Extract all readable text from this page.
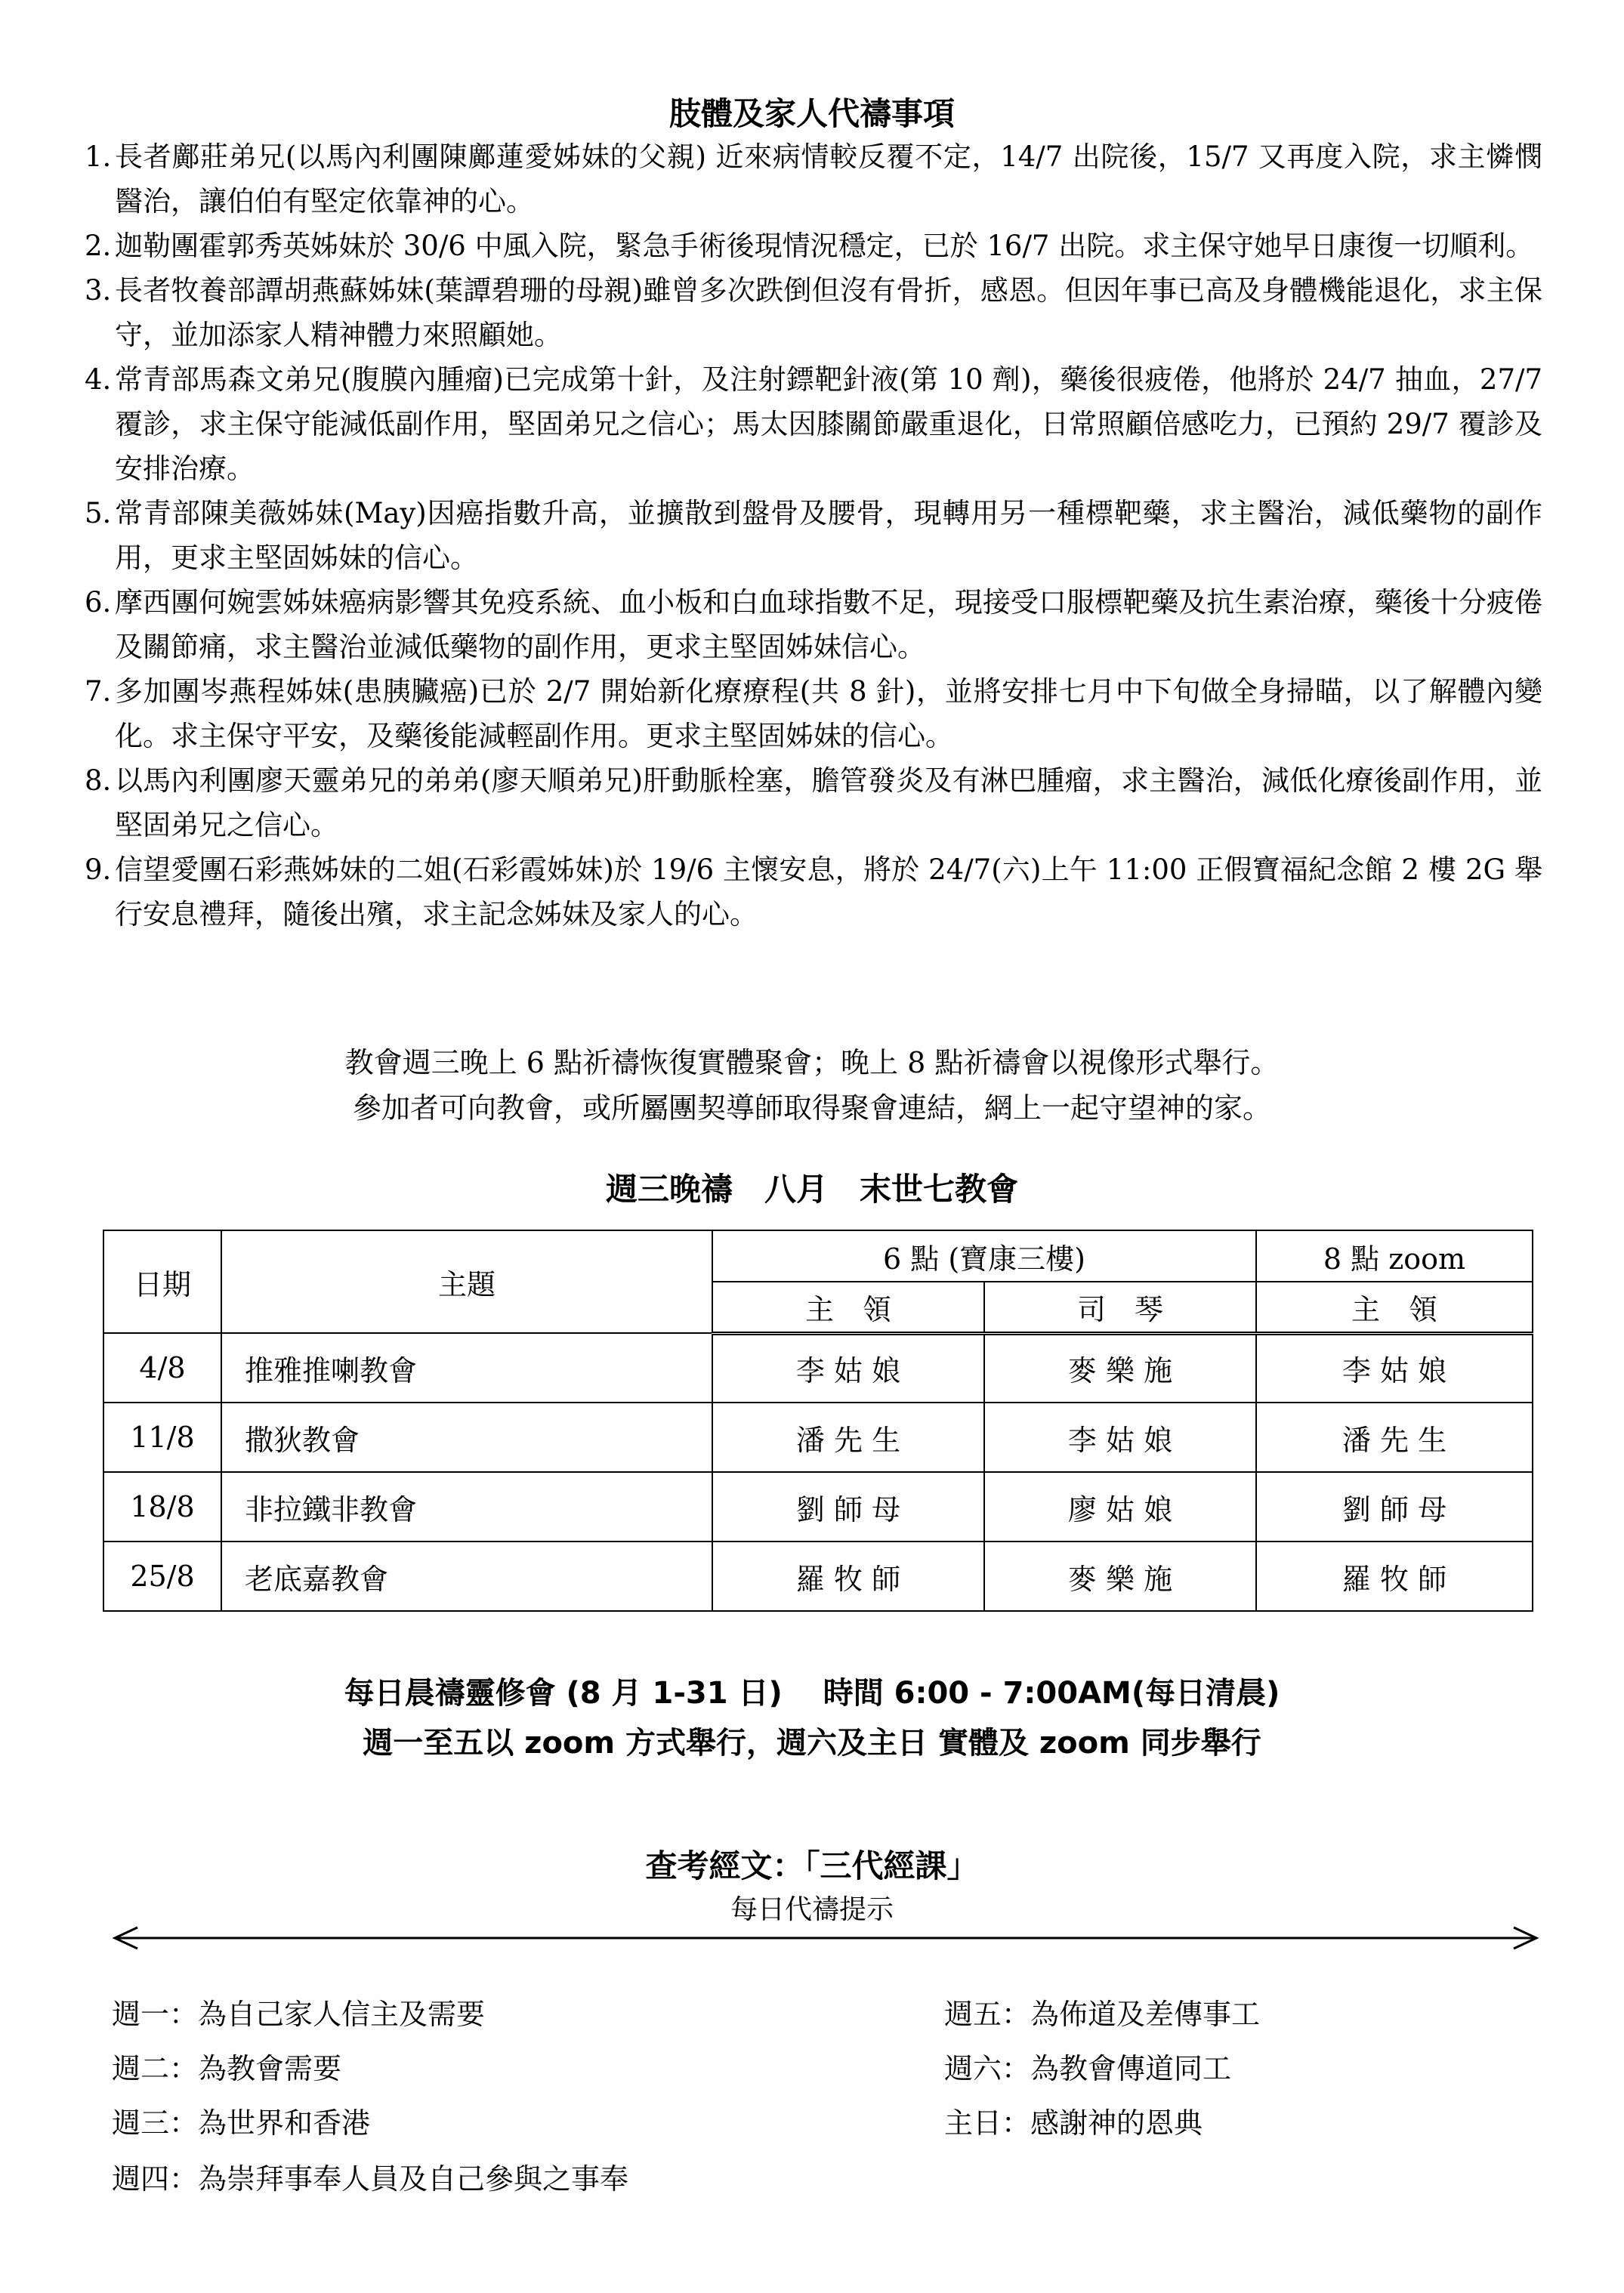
肢體及家人代禱事項
1. 長者鄺莊弟兄(以馬內利團陳鄺蓮愛姊妹的父親) 近來病情較反覆不定，14/7 出院後，15/7 又再度入院，求主憐憫醫治，讓伯伯有堅定依靠神的心。
2. 迦勒團霍郭秀英姊妹於 30/6 中風入院，緊急手術後現情況穩定，已於 16/7 出院。求主保守她早日康復一切順利。
3. 長者牧養部譚胡燕蘇姊妹(葉譚碧珊的母親)雖曾多次跌倒但沒有骨折，感恩。但因年事已高及身體機能退化，求主保守，並加添家人精神體力來照顧她。
4. 常青部馬森文弟兄(腹膜內腫瘤)已完成第十針，及注射鏢靶針液(第 10 劑)，藥後很疲倦，他將於 24/7 抽血，27/7 覆診，求主保守能減低副作用，堅固弟兄之信心；馬太因膝關節嚴重退化，日常照顧倍感吃力，已預約 29/7 覆診及安排治療。
5. 常青部陳美薇姊妹(May)因癌指數升高，並擴散到盤骨及腰骨，現轉用另一種標靶藥，求主醫治，減低藥物的副作用，更求主堅固姊妹的信心。
6. 摩西團何婉雲姊妹癌病影響其免疫系統、血小板和白血球指數不足，現接受口服標靶藥及抗生素治療，藥後十分疲倦及關節痛，求主醫治並減低藥物的副作用，更求主堅固姊妹信心。
7. 多加團岑燕程姊妹(患胰臟癌)已於 2/7 開始新化療療程(共 8 針)，並將安排七月中下旬做全身掃瞄，以了解體內變化。求主保守平安，及藥後能減輕副作用。更求主堅固姊妹的信心。
8. 以馬內利團廖天靈弟兄的弟弟(廖天順弟兄)肝動脈栓塞，膽管發炎及有淋巴腫瘤，求主醫治，減低化療後副作用，並堅固弟兄之信心。
9. 信望愛團石彩燕姊妹的二姐(石彩霞姊妹)於 19/6 主懷安息，將於 24/7(六)上午 11:00 正假寶福紀念館 2 樓 2G 舉行安息禮拜，隨後出殯，求主記念姊妹及家人的心。
教會週三晚上 6 點祈禱恢復實體聚會；晚上 8 點祈禱會以視像形式舉行。
參加者可向教會，或所屬團契導師取得聚會連結，網上一起守望神的家。
週三晚禱　八月　末世七教會
日期	主題	6 點 (寶康三樓)		8 點 zoom
		主　領	司　琴	主　領
4/8	推雅推喇教會	李 姑 娘	麥 樂 施	李 姑 娘
11/8	撒狄教會	潘 先 生	李 姑 娘	潘 先 生
18/8	非拉鐵非教會	劉 師 母	廖 姑 娘	劉 師 母
25/8	老底嘉教會	羅 牧 師	麥 樂 施	羅 牧 師
每日晨禱靈修會 (8 月 1-31 日)　 時間 6:00 - 7:00AM(每日清晨)
週一至五以 zoom 方式舉行，週六及主日 實體及 zoom 同步舉行
查考經文：「三代經課」
每日代禱提示
週一：為自己家人信主及需要
週二：為教會需要
週三：為世界和香港
週四：為崇拜事奉人員及自己參與之事奉
週五：為佈道及差傳事工
週六：為教會傳道同工
主日：感謝神的恩典
